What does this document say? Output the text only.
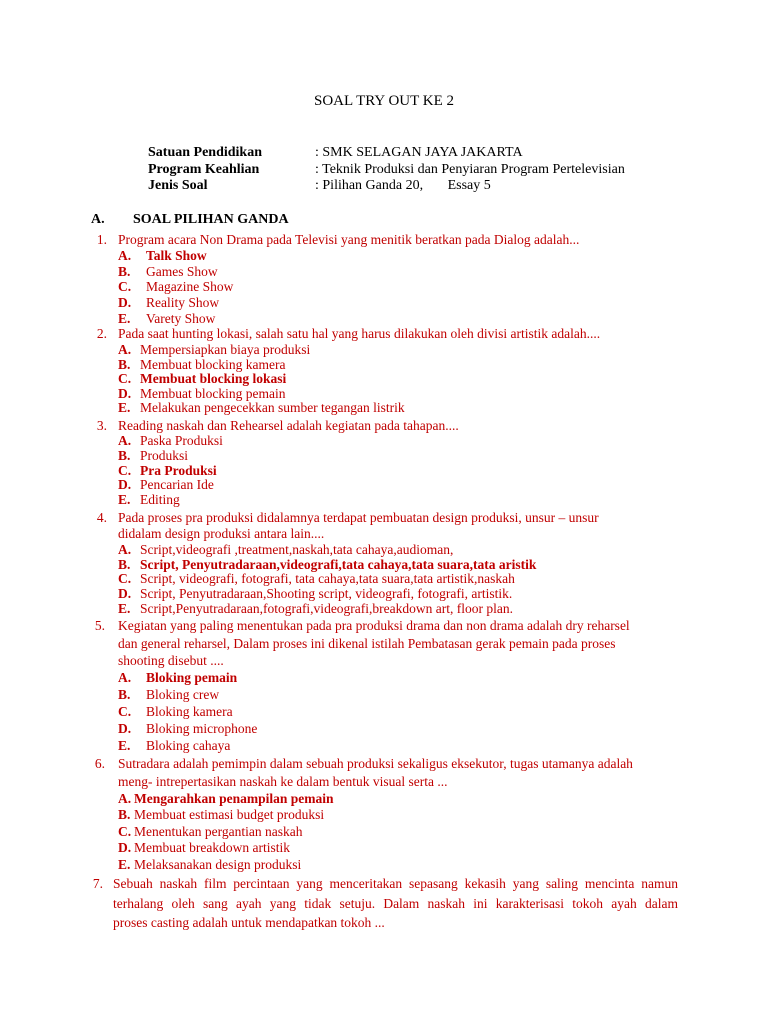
SOAL TRY OUT KE 2
Satuan Pendidikan	: SMK SELAGAN JAYA JAKARTA
Program Keahlian	: Teknik Produksi dan Penyiaran Program Pertelevisian
Jenis Soal	: Pilihan Ganda 20,       Essay 5
A.	SOAL PILIHAN GANDA
1. Program acara Non Drama pada Televisi yang menitik beratkan pada Dialog adalah...
A.	Talk Show
B.	Games Show
C.	Magazine Show
D.	Reality Show
E.	Varety Show
2. Pada saat hunting lokasi, salah satu hal yang harus dilakukan oleh divisi artistik adalah....
A. Mempersiapkan biaya produksi
B. Membuat blocking kamera
C. Membuat blocking lokasi
D. Membuat blocking pemain
E. Melakukan pengecekkan sumber tegangan listrik
3. Reading naskah dan Rehearsel adalah kegiatan pada tahapan....
A. Paska Produksi
B. Produksi
C. Pra Produksi
D. Pencarian Ide
E. Editing
4. Pada proses pra produksi didalamnya terdapat pembuatan design produksi, unsur – unsur
didalam design produksi antara lain....
A. Script,videografi ,treatment,naskah,tata cahaya,audioman,
B. Script, Penyutradaraan,videografi,tata cahaya,tata suara,tata aristik
C. Script, videografi, fotografi, tata cahaya,tata suara,tata artistik,naskah
D. Script, Penyutradaraan,Shooting script, videografi, fotografi, artistik.
E. Script,Penyutradaraan,fotografi,videografi,breakdown art, floor plan.
5. Kegiatan yang paling menentukan pada pra produksi drama dan non drama adalah dry reharsel
dan general reharsel, Dalam proses ini dikenal istilah Pembatasan gerak pemain pada proses
shooting disebut ....
A.	Bloking pemain
B.	Bloking crew
C.	Bloking kamera
D.	Bloking microphone
E.	Bloking cahaya
6. Sutradara adalah pemimpin dalam sebuah produksi sekaligus eksekutor, tugas utamanya adalah
meng- intrepertasikan naskah ke dalam bentuk visual serta ...
A. Mengarahkan penampilan pemain
B. Membuat estimasi budget produksi
C. Menentukan pergantian naskah
D. Membuat breakdown artistik
E. Melaksanakan design produksi
7. Sebuah naskah film percintaan yang menceritakan sepasang kekasih yang saling mencinta namun
terhalang oleh sang ayah yang tidak setuju. Dalam naskah ini karakterisasi tokoh ayah dalam
proses casting adalah untuk mendapatkan tokoh ...
